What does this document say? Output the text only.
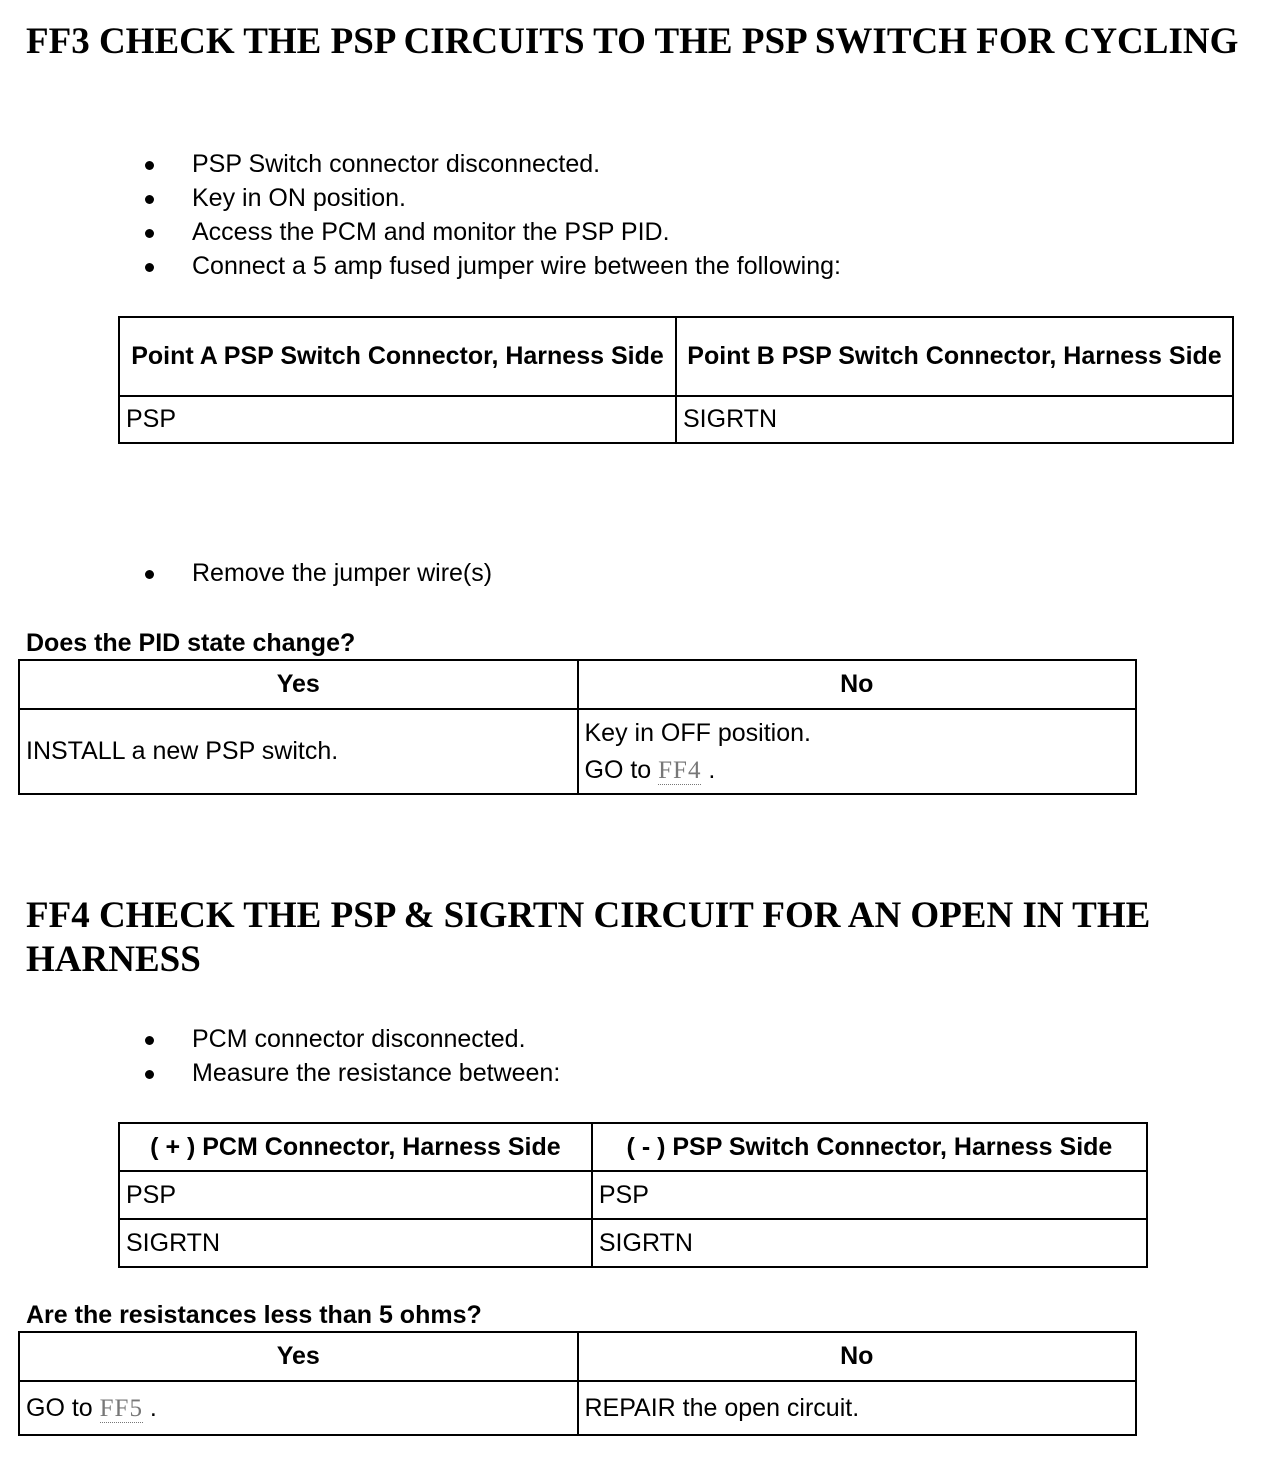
FF3 CHECK THE PSP CIRCUITS TO THE PSP SWITCH FOR CYCLING
PSP Switch connector disconnected.
Key in ON position.
Access the PCM and monitor the PSP PID.
Connect a 5 amp fused jumper wire between the following:
Point A PSP Switch Connector, Harness Side	Point B PSP Switch Connector, Harness Side
PSP	SIGRTN
Remove the jumper wire(s)

Does the PID state change?

Yes	No
INSTALL a new PSP switch.	Key in OFF position.
GO to FF4 .
FF4 CHECK THE PSP & SIGRTN CIRCUIT FOR AN OPEN IN THE HARNESS
PCM connector disconnected.
Measure the resistance between:
( + ) PCM Connector, Harness Side	( - ) PSP Switch Connector, Harness Side
PSP	PSP
SIGRTN	SIGRTN

Are the resistances less than 5 ohms?

Yes	No
GO to FF5 .	REPAIR the open circuit.
